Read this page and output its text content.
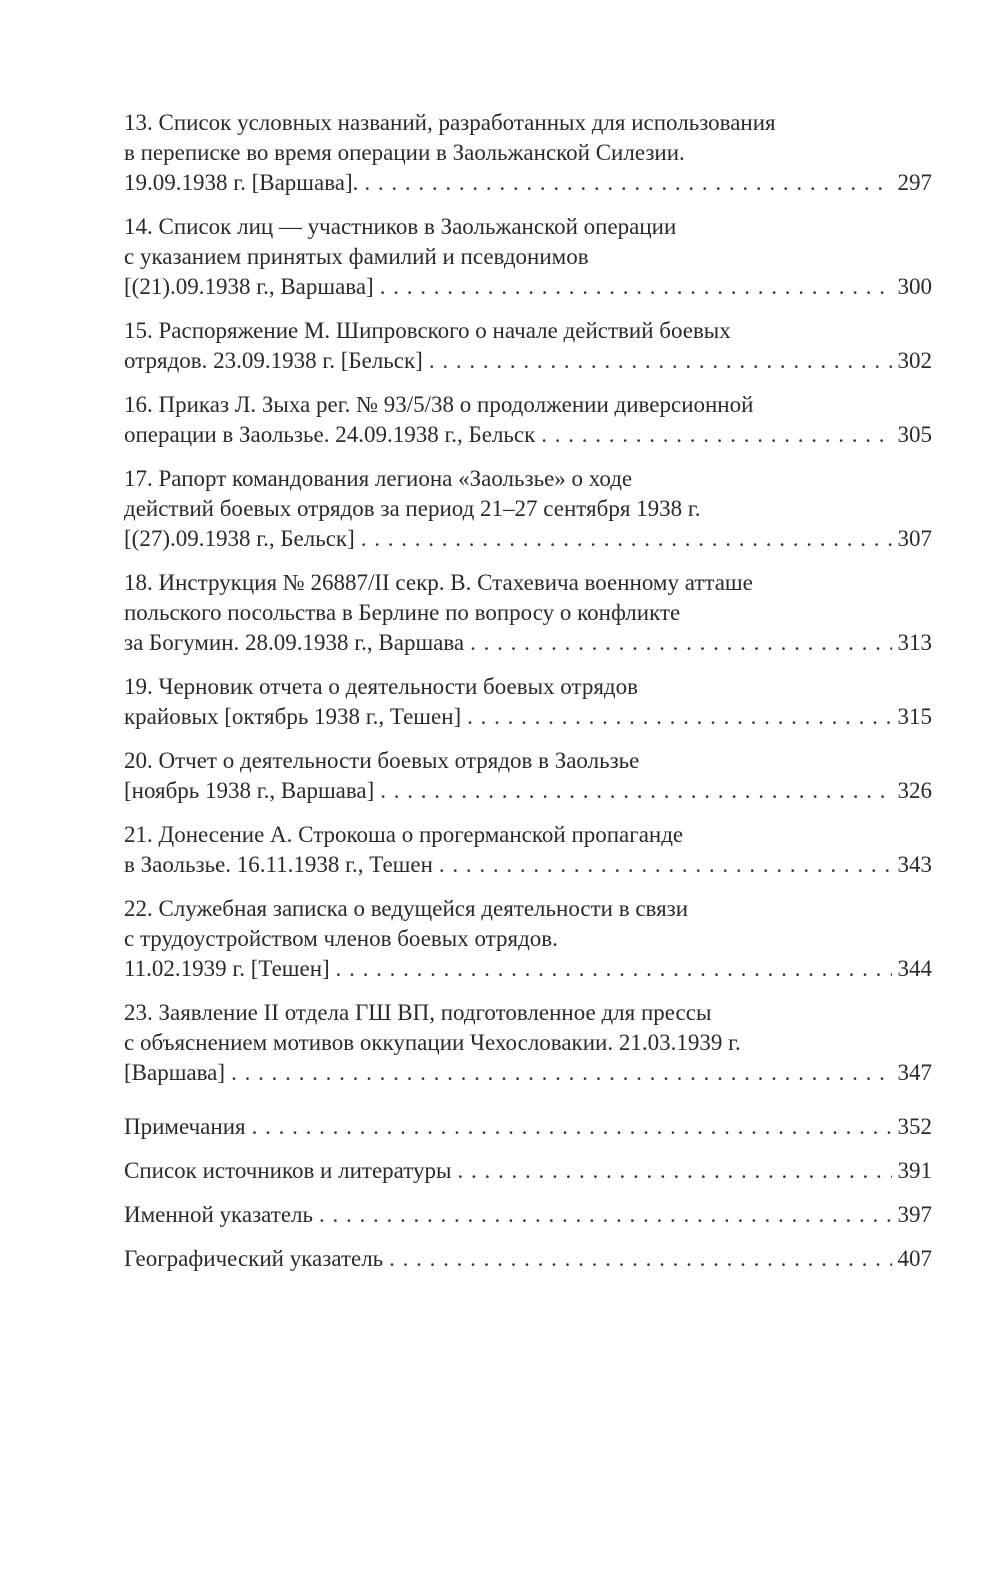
13. Список условных названий, разработанных для использования
в переписке во время операции в Заольжанской Силезии.
19.09.1938 г. [Варшава]. . . .	297
14. Список лиц — участников в Заольжанской операции
с указанием принятых фамилий и псевдонимов
[(21).09.1938 г., Варшава] . . .	300
15. Распоряжение М. Шипровского о начале действий боевых
отрядов. 23.09.1938 г. [Бельск] . . .	302
16. Приказ Л. Зыха рег. № 93/5/38 о продолжении диверсионной
операции в Заользье. 24.09.1938 г., Бельск . . .	305
17. Рапорт командования легиона «Заользье» о ходе
действий боевых отрядов за период 21–27 сентября 1938 г.
[(27).09.1938 г., Бельск] . . .	307
18. Инструкция № 26887/II секр. В. Стахевича военному атташе
польского посольства в Берлине по вопросу о конфликте
за Богумин. 28.09.1938 г., Варшава . . .	313
19. Черновик отчета о деятельности боевых отрядов
крайовых [октябрь 1938 г., Тешен] . . .	315
20. Отчет о деятельности боевых отрядов в Заользье
[ноябрь 1938 г., Варшава] . . .	326
21. Донесение А. Строкоша о прогерманской пропаганде
в Заользье. 16.11.1938 г., Тешен . . .	343
22. Служебная записка о ведущейся деятельности в связи
с трудоустройством членов боевых отрядов.
11.02.1939 г. [Тешен] . . .	344
23. Заявление II отдела ГШ ВП, подготовленное для прессы
с объяснением мотивов оккупации Чехословакии. 21.03.1939 г.
[Варшава] . . .	347
Примечания . . .	352
Список источников и литературы . . .	391
Именной указатель . . .	397
Географический указатель . . .	407
